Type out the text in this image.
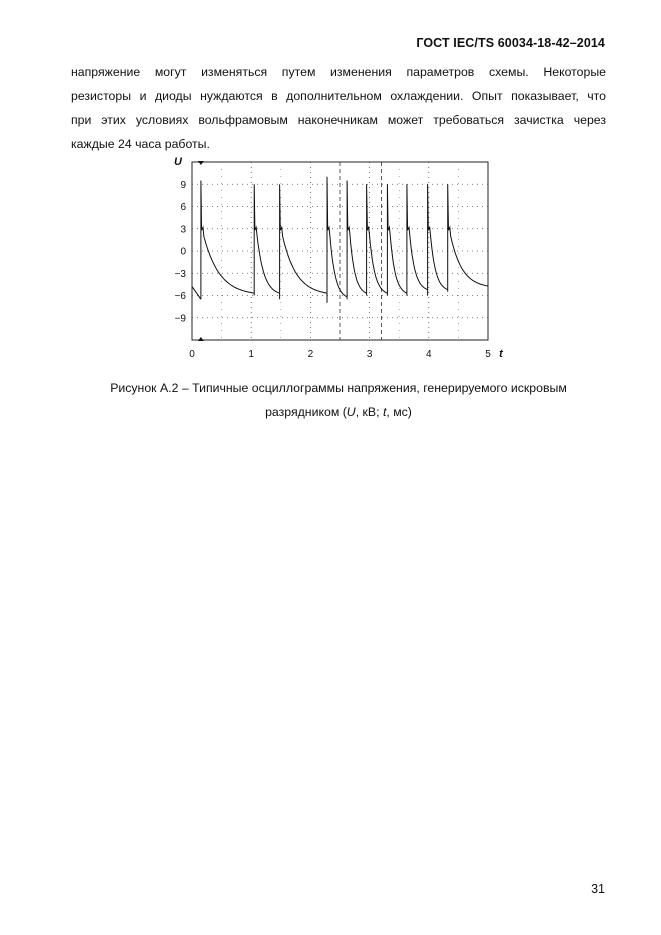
ГОСТ IEC/TS 60034-18-42–2014
напряжение могут изменяться путем изменения параметров схемы. Некоторые
резисторы и диоды нуждаются в дополнительном охлаждении. Опыт показывает, что
при этих условиях вольфрамовым наконечникам может требоваться зачистка через
каждые 24 часа работы.
9
6
3
0
−3
−6
−9
0	1	2	3	4	5
U
t
Рисунок А.2 – Типичные осциллограммы напряжения, генерируемого искровым
разрядником (U, кВ; t, мс)
31
